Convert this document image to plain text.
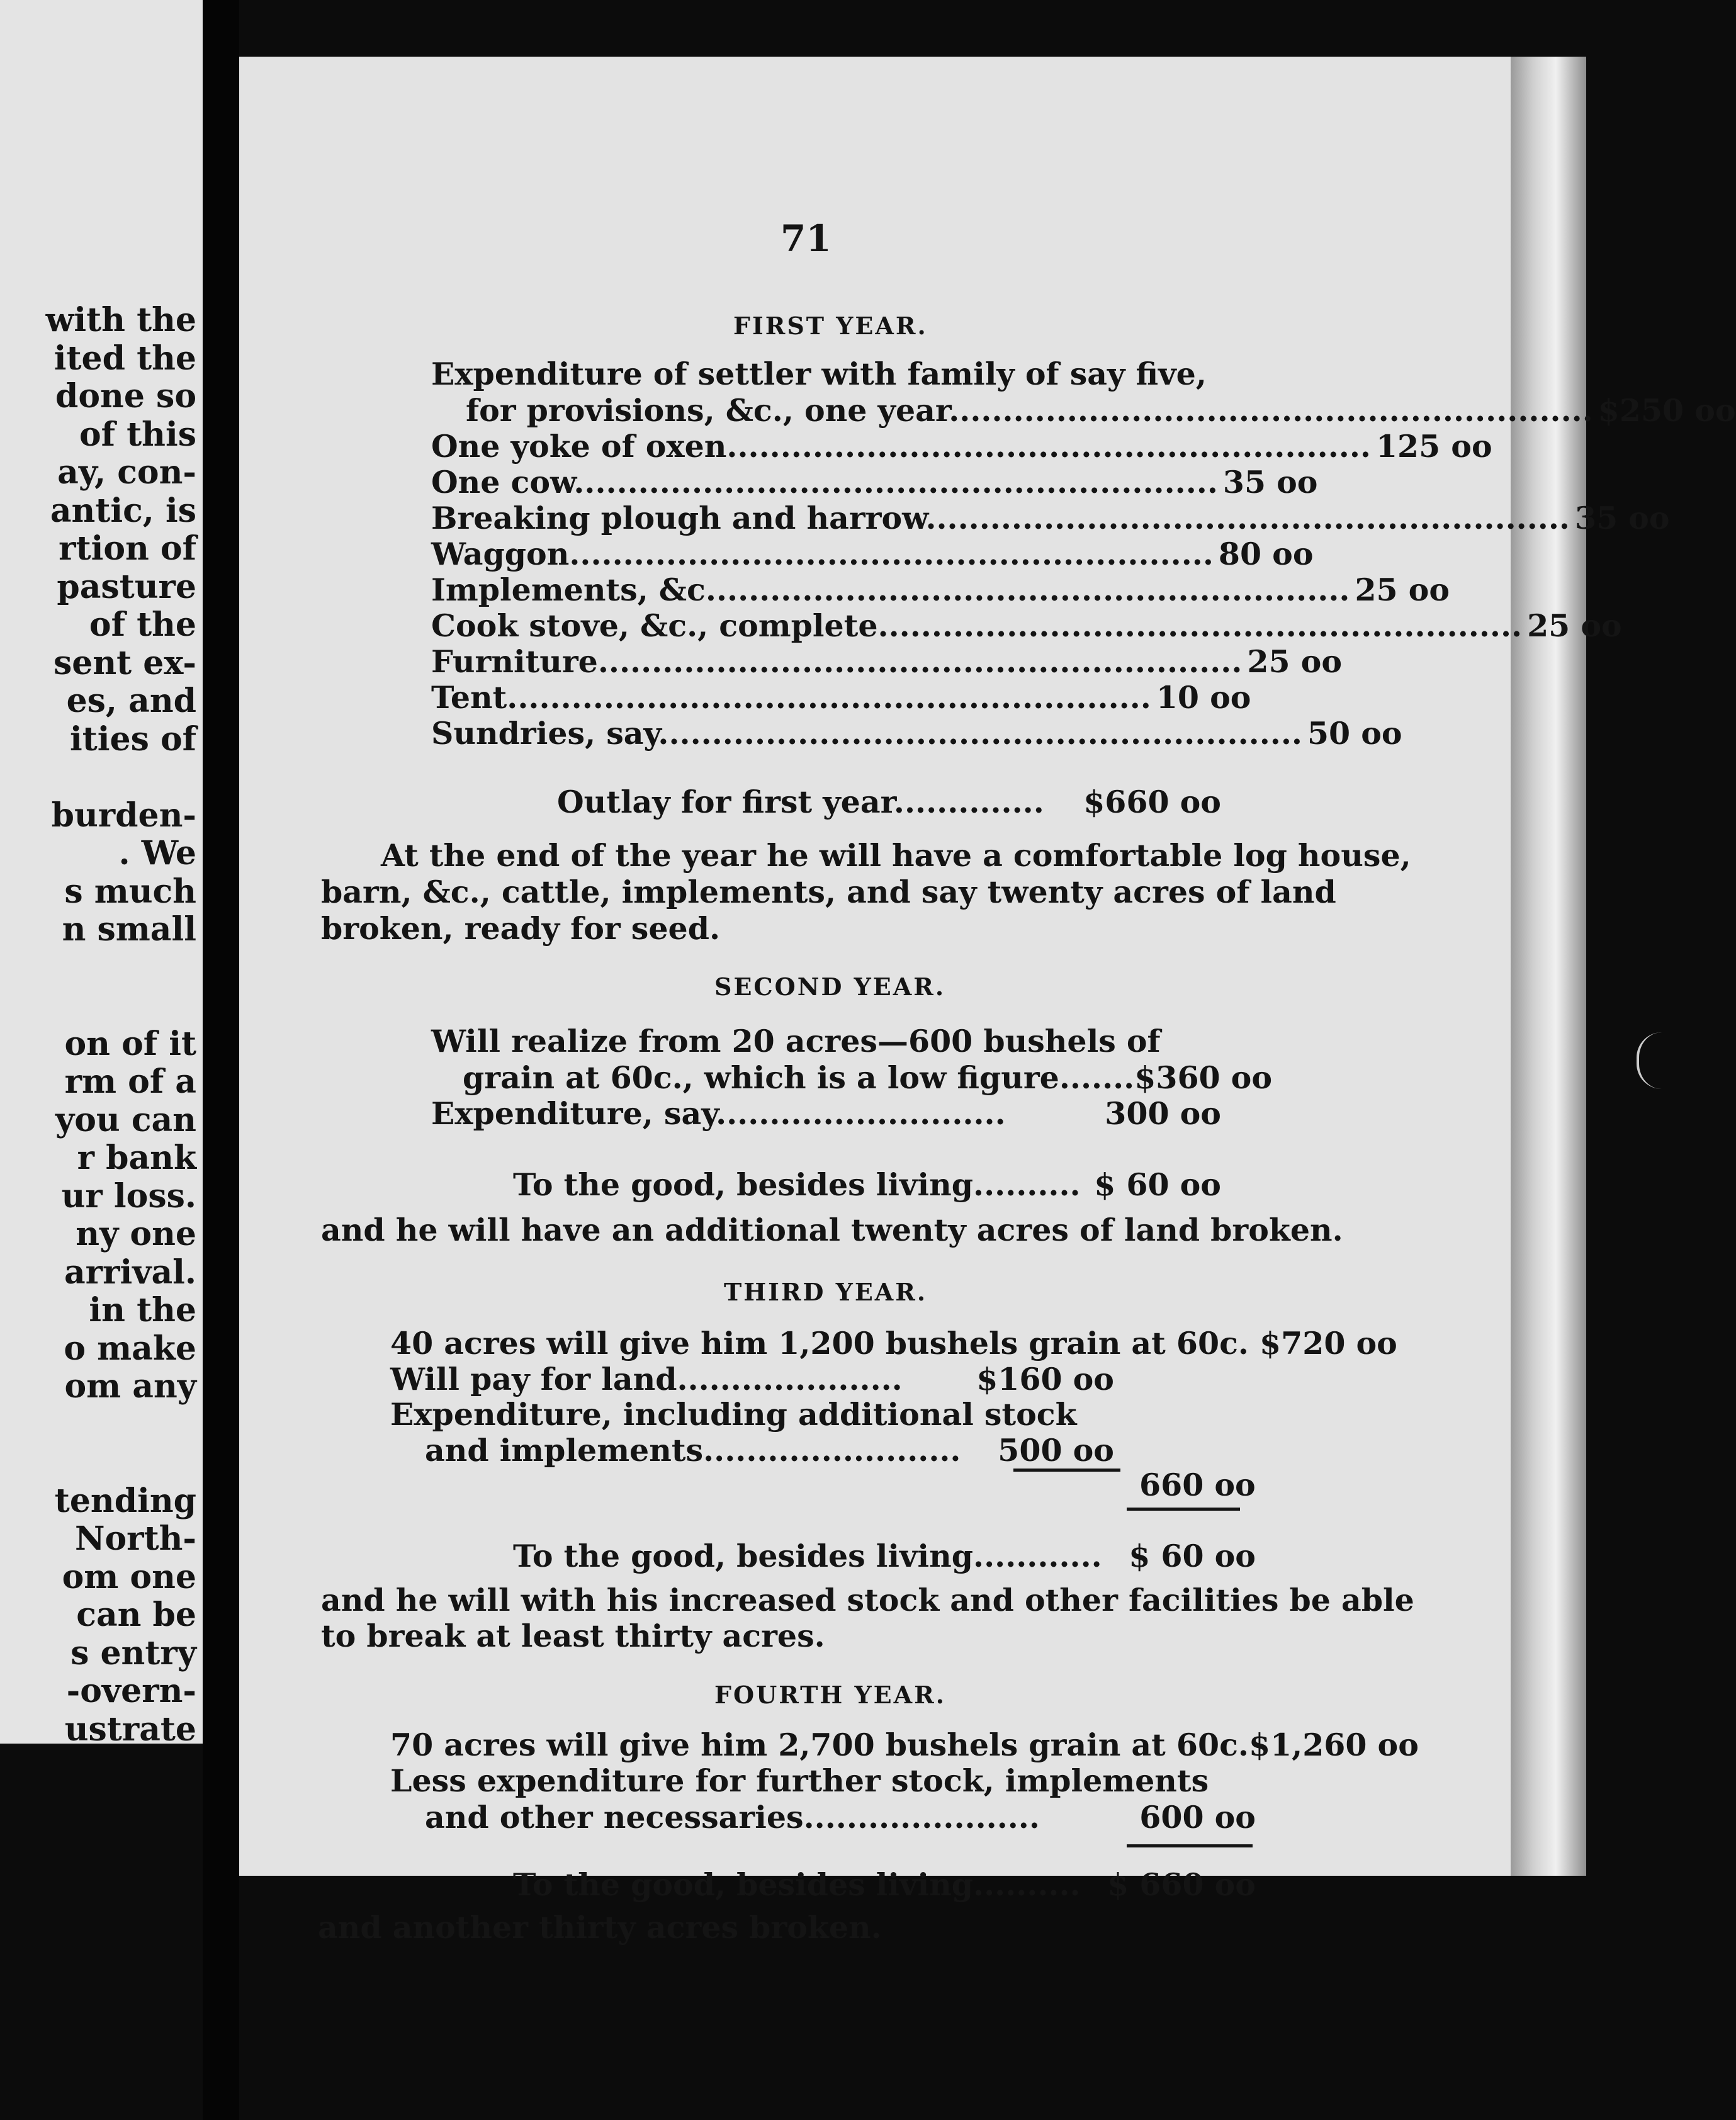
with the
ited the
done so
of this
ay, con-
antic, is
rtion of
pasture
of the
sent ex-
es, and
ities of
burden-
. We
s much
n small
on of it
rm of a
you can
r bank
ur loss.
ny one
arrival.
in the
o make
om any
tending
North-
om one
can be
s entry
-overn-
ustrate
71
FIRST YEAR.
Expenditure of settler with family of say five,
for provisions, &c., one year............................................................ $250 oo
One yoke of oxen............................................................ 125 oo
One cow............................................................ 35 oo
Breaking plough and harrow............................................................ 35 oo
Waggon............................................................ 80 oo
Implements, &c............................................................ 25 oo
Cook stove, &c., complete............................................................ 25 oo
Furniture............................................................ 25 oo
Tent............................................................ 10 oo
Sundries, say............................................................ 50 oo
Outlay for first year..............	$660 oo
At the end of the year he will have a comfortable log house,
barn, &c., cattle, implements, and say twenty acres of land
broken, ready for seed.
SECOND YEAR.
Will realize from 20 acres—600 bushels of
grain at 60c., which is a low figure....... $360 oo
Expenditure, say...........................	300 oo
To the good, besides living.......... $ 60 oo
and he will have an additional twenty acres of land broken.
THIRD YEAR.
40 acres will give him 1,200 bushels grain at 60c. $720 oo
Will pay for land.....................	$160 oo
Expenditure, including additional stock
and implements........................	500 oo
660 oo
To the good, besides living............ $ 60 oo
and he will with his increased stock and other facilities be able
to break at least thirty acres.
FOURTH YEAR.
70 acres will give him 2,700 bushels grain at 60c.$1,260 oo
Less expenditure for further stock, implements
and other necessaries......................	600 oo
To the good, besides living.......... $ 660 oo
and another thirty acres broken.
